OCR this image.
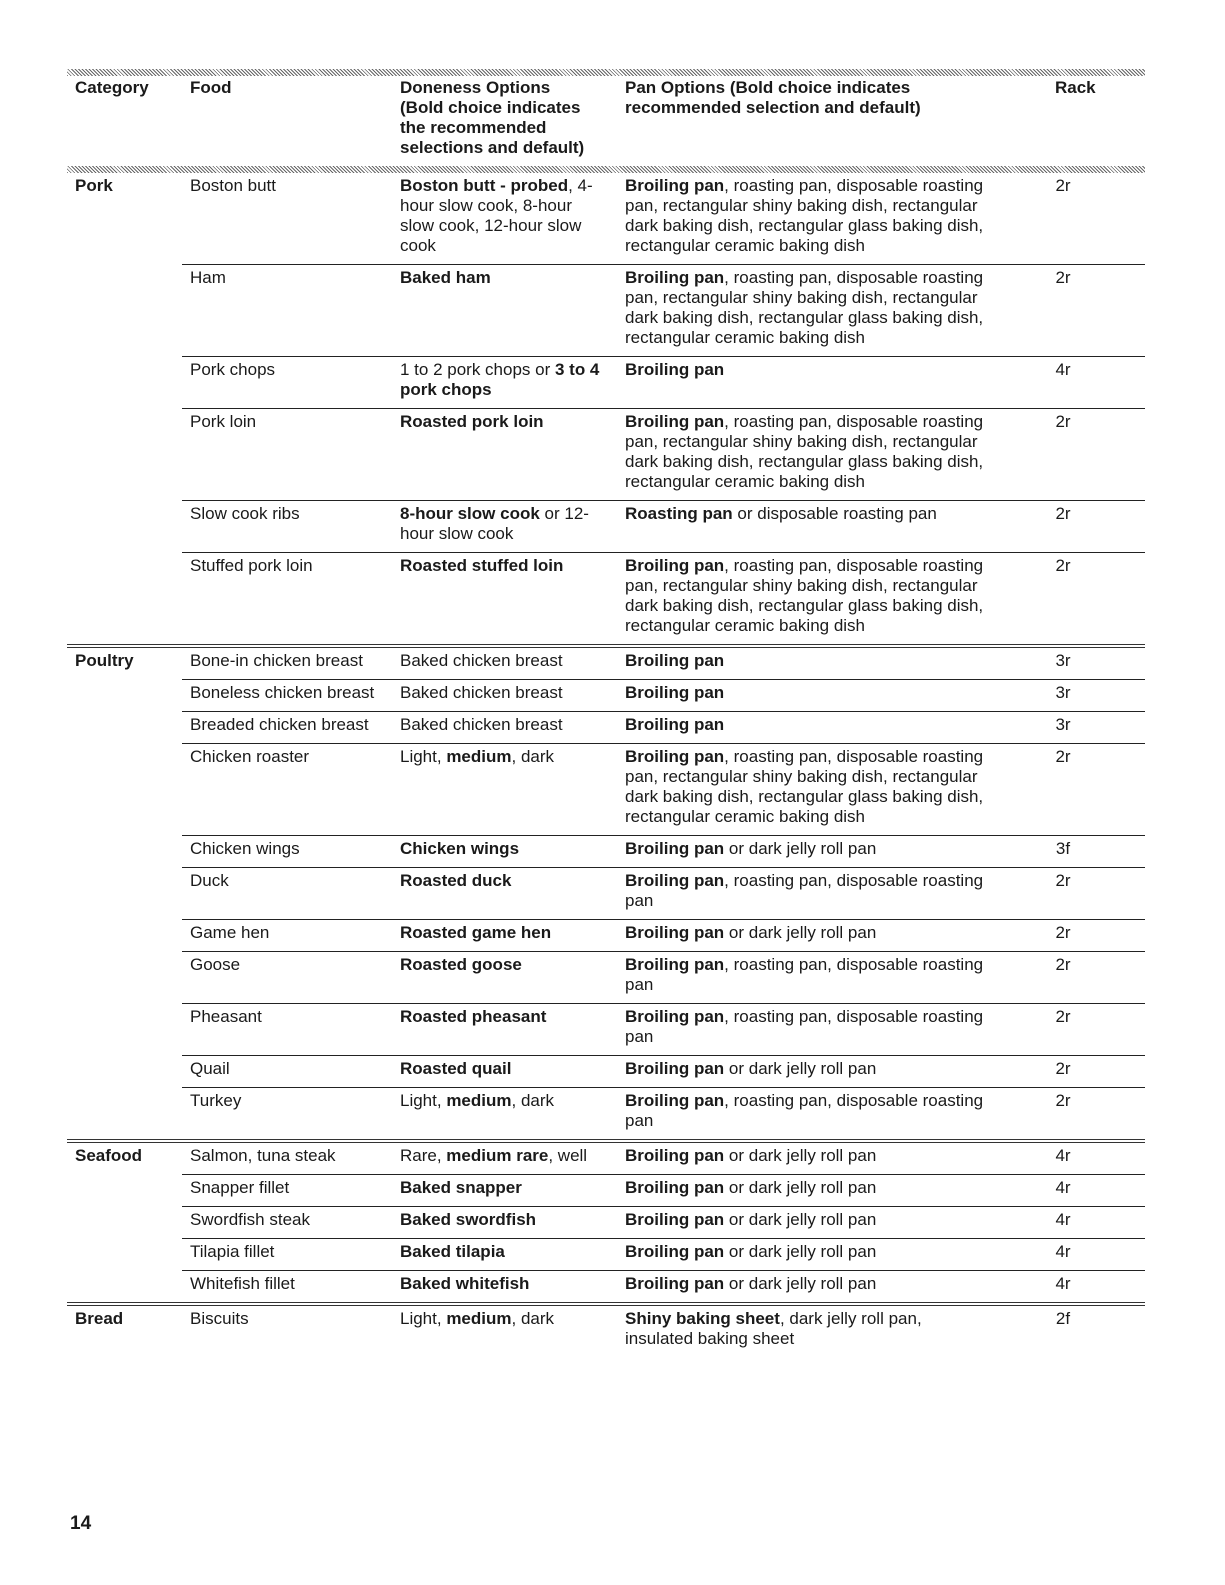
Category	Food	Doneness Options (Bold choice indicates the recommended selections and default)	Pan Options (Bold choice indicates recommended selection and default)	Rack
Pork	Boston butt	Boston butt - probed, 4-hour slow cook, 8-hour slow cook, 12-hour slow cook	Broiling pan, roasting pan, disposable roasting pan, rectangular shiny baking dish, rectangular dark baking dish, rectangular glass baking dish, rectangular ceramic baking dish	2r
	Ham	Baked ham	Broiling pan, roasting pan, disposable roasting pan, rectangular shiny baking dish, rectangular dark baking dish, rectangular glass baking dish, rectangular ceramic baking dish	2r
	Pork chops	1 to 2 pork chops or 3 to 4 pork chops	Broiling pan	4r
	Pork loin	Roasted pork loin	Broiling pan, roasting pan, disposable roasting pan, rectangular shiny baking dish, rectangular dark baking dish, rectangular glass baking dish, rectangular ceramic baking dish	2r
	Slow cook ribs	8-hour slow cook or 12-hour slow cook	Roasting pan or disposable roasting pan	2r
	Stuffed pork loin	Roasted stuffed loin	Broiling pan, roasting pan, disposable roasting pan, rectangular shiny baking dish, rectangular dark baking dish, rectangular glass baking dish, rectangular ceramic baking dish	2r
Poultry	Bone-in chicken breast	Baked chicken breast	Broiling pan	3r
	Boneless chicken breast	Baked chicken breast	Broiling pan	3r
	Breaded chicken breast	Baked chicken breast	Broiling pan	3r
	Chicken roaster	Light, medium, dark	Broiling pan, roasting pan, disposable roasting pan, rectangular shiny baking dish, rectangular dark baking dish, rectangular glass baking dish, rectangular ceramic baking dish	2r
	Chicken wings	Chicken wings	Broiling pan or dark jelly roll pan	3f
	Duck	Roasted duck	Broiling pan, roasting pan, disposable roasting pan	2r
	Game hen	Roasted game hen	Broiling pan or dark jelly roll pan	2r
	Goose	Roasted goose	Broiling pan, roasting pan, disposable roasting pan	2r
	Pheasant	Roasted pheasant	Broiling pan, roasting pan, disposable roasting pan	2r
	Quail	Roasted quail	Broiling pan or dark jelly roll pan	2r
	Turkey	Light, medium, dark	Broiling pan, roasting pan, disposable roasting pan	2r
Seafood	Salmon, tuna steak	Rare, medium rare, well	Broiling pan or dark jelly roll pan	4r
	Snapper fillet	Baked snapper	Broiling pan or dark jelly roll pan	4r
	Swordfish steak	Baked swordfish	Broiling pan or dark jelly roll pan	4r
	Tilapia fillet	Baked tilapia	Broiling pan or dark jelly roll pan	4r
	Whitefish fillet	Baked whitefish	Broiling pan or dark jelly roll pan	4r
Bread	Biscuits	Light, medium, dark	Shiny baking sheet, dark jelly roll pan, insulated baking sheet	2f
14
